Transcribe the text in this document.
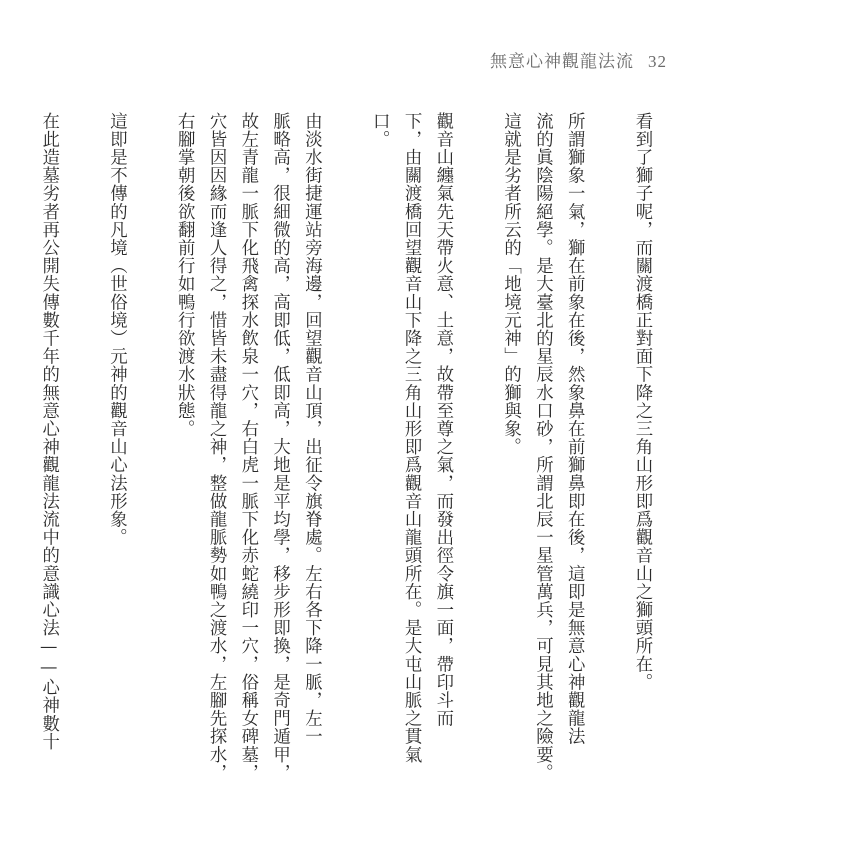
無意心神觀龍法流 32
看到了獅子呢，而關渡橋正對面下降之三角山形即爲觀音山之獅頭所在。
所謂獅象一氣，獅在前象在後，然象鼻在前獅鼻即在後，這即是無意心神觀龍法
流的眞陰陽絕學。是大臺北的星辰水口砂，所謂北辰一星管萬兵，可見其地之險要。
這就是劣者所云的「地境元神」的獅與象。
觀音山纏氣先天帶火意、土意，故帶至尊之氣，而發出徑令旗一面，帶印斗而
下，由關渡橋回望觀音山下降之三角山形即爲觀音山龍頭所在。是大屯山脈之貫氣
口。
由淡水街捷運站旁海邊，回望觀音山頂，出征令旗脊處。左右各下降一脈，左一
脈略高，很細微的高，高即低，低即高，大地是平均學，移步形即換，是奇門遁甲，
故左青龍一脈下化飛禽探水飲泉一穴，右白虎一脈下化赤蛇繞印一穴，俗稱女碑墓，
穴皆因因緣而逢人得之，惜皆未盡得龍之神，整做龍脈勢如鴨之渡水，左腳先探水，
右腳掌朝後欲翻前行如鴨行欲渡水狀態。
這即是不傳的凡境（世俗境）元神的觀音山心法形象。
在此造墓劣者再公開失傳數千年的無意心神觀龍法流中的意識心法——心神數十
